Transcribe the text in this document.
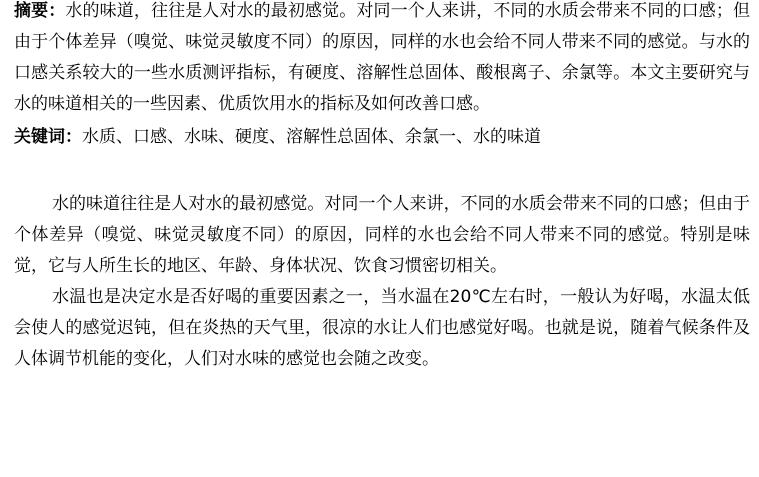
摘要：水的味道，往往是人对水的最初感觉。对同一个人来讲，不同的水质会带来不同的口感；但由于个体差异（嗅觉、味觉灵敏度不同）的原因，同样的水也会给不同人带来不同的感觉。与水的口感关系较大的一些水质测评指标，有硬度、溶解性总固体、酸根离子、余氯等。本文主要研究与水的味道相关的一些因素、优质饮用水的指标及如何改善口感。

关键词：水质、口感、水味、硬度、溶解性总固体、余氯一、水的味道

水的味道往往是人对水的最初感觉。对同一个人来讲，不同的水质会带来不同的口感；但由于个体差异（嗅觉、味觉灵敏度不同）的原因，同样的水也会给不同人带来不同的感觉。特别是味觉，它与人所生长的地区、年龄、身体状况、饮食习惯密切相关。

水温也是决定水是否好喝的重要因素之一，当水温在20℃左右时，一般认为好喝，水温太低会使人的感觉迟钝，但在炎热的天气里，很凉的水让人们也感觉好喝。也就是说，随着气候条件及人体调节机能的变化，人们对水味的感觉也会随之改变。
